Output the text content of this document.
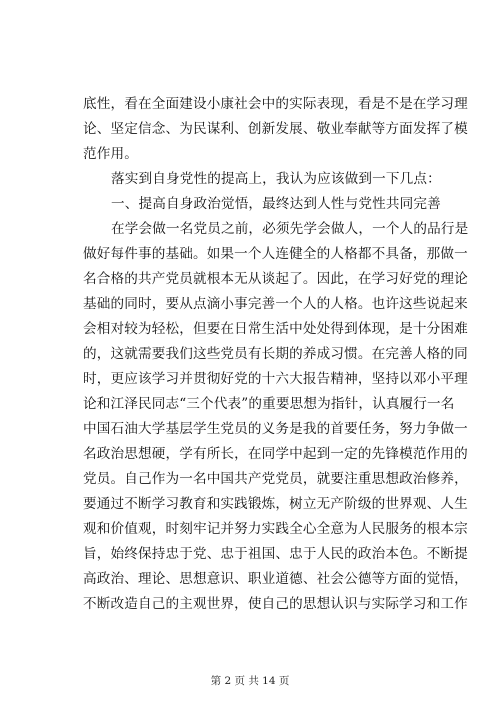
底性，看在全面建设小康社会中的实际表现，看是不是在学习理
论、坚定信念、为民谋利、创新发展、敬业奉献等方面发挥了模
范作用。
落实到自身党性的提高上，我认为应该做到一下几点：
一、提高自身政治觉悟，最终达到人性与党性共同完善
在学会做一名党员之前，必须先学会做人，一个人的品行是
做好每件事的基础。如果一个人连健全的人格都不具备，那做一
名合格的共产党员就根本无从谈起了。因此，在学习好党的理论
基础的同时，要从点滴小事完善一个人的人格。也许这些说起来
会相对较为轻松，但要在日常生活中处处得到体现，是十分困难
的，这就需要我们这些党员有长期的养成习惯。在完善人格的同
时，更应该学习并贯彻好党的十六大报告精神，坚持以邓小平理
论和江泽民同志“三个代表”的重要思想为指针，认真履行一名
中国石油大学基层学生党员的义务是我的首要任务，努力争做一
名政治思想硬，学有所长，在同学中起到一定的先锋模范作用的
党员。自己作为一名中国共产党党员，就要注重思想政治修养，
要通过不断学习教育和实践锻炼，树立无产阶级的世界观、人生
观和价值观，时刻牢记并努力实践全心全意为人民服务的根本宗
旨，始终保持忠于党、忠于祖国、忠于人民的政治本色。不断提
高政治、理论、思想意识、职业道德、社会公德等方面的觉悟，
不断改造自己的主观世界，使自己的思想认识与实际学习和工作
第 2 页 共 14 页
